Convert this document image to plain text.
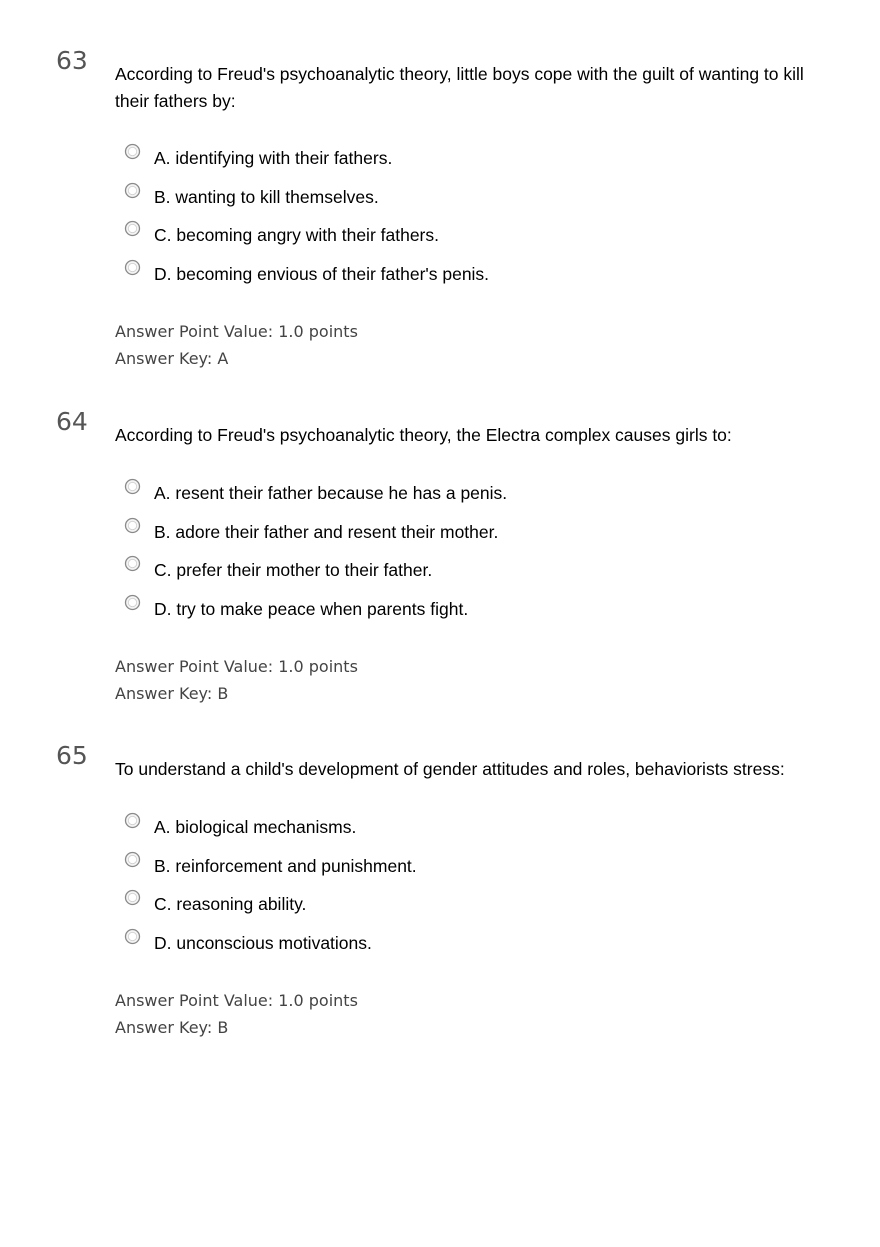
63 According to Freud's psychoanalytic theory, little boys cope with the guilt of wanting to kill their fathers by:
A. identifying with their fathers.
B. wanting to kill themselves.
C. becoming angry with their fathers.
D. becoming envious of their father's penis.
Answer Point Value: 1.0 points
Answer Key: A
64 According to Freud's psychoanalytic theory, the Electra complex causes girls to:
A. resent their father because he has a penis.
B. adore their father and resent their mother.
C. prefer their mother to their father.
D. try to make peace when parents fight.
Answer Point Value: 1.0 points
Answer Key: B
65 To understand a child's development of gender attitudes and roles, behaviorists stress:
A. biological mechanisms.
B. reinforcement and punishment.
C. reasoning ability.
D. unconscious motivations.
Answer Point Value: 1.0 points
Answer Key: B
